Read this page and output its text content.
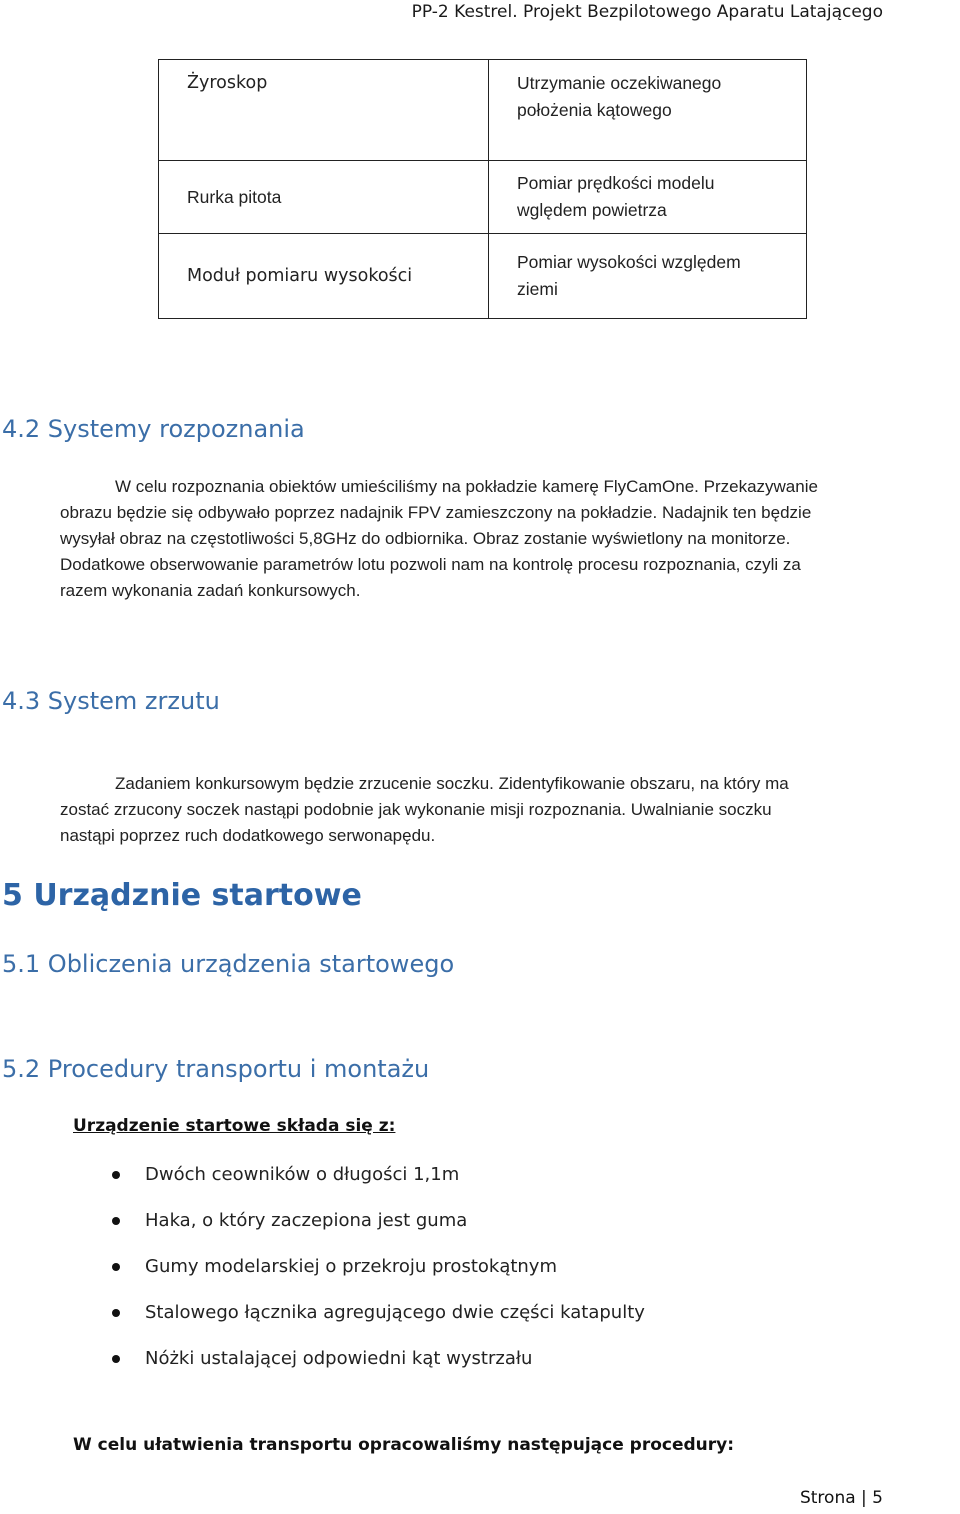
PP-2 Kestrel. Projekt Bezpilotowego Aparatu Latającego
Żyroskop	Utrzymanie oczekiwanego
położenia kątowego
Rurka pitota	Pomiar prędkości modelu
wględem powietrza
Moduł pomiaru wysokości	Pomiar wysokości względem
ziemi
4.2 Systemy rozpoznania
W celu rozpoznania obiektów umieściliśmy na pokładzie kamerę FlyCamOne. Przekazywanie
obrazu będzie się odbywało poprzez nadajnik FPV zamieszczony na pokładzie. Nadajnik ten będzie
wysyłał obraz na częstotliwości 5,8GHz do odbiornika. Obraz zostanie wyświetlony na monitorze.
Dodatkowe obserwowanie parametrów lotu pozwoli nam na kontrolę procesu rozpoznania, czyli za
razem wykonania zadań konkursowych.
4.3 System zrzutu
Zadaniem konkursowym będzie zrzucenie soczku. Zidentyfikowanie obszaru, na który ma
zostać zrzucony soczek nastąpi podobnie jak wykonanie misji rozpoznania. Uwalnianie soczku
nastąpi poprzez ruch dodatkowego serwonapędu.
5 Urządznie startowe
5.1 Obliczenia urządzenia startowego
5.2 Procedury transportu i montażu
Urządzenie startowe składa się z:
Dwóch ceowników o długości 1,1m
Haka, o który zaczepiona jest guma
Gumy modelarskiej o przekroju prostokątnym
Stalowego łącznika agregującego dwie części katapulty
Nóżki ustalającej odpowiedni kąt wystrzału
W celu ułatwienia transportu opracowaliśmy następujące procedury:
Strona | 5
